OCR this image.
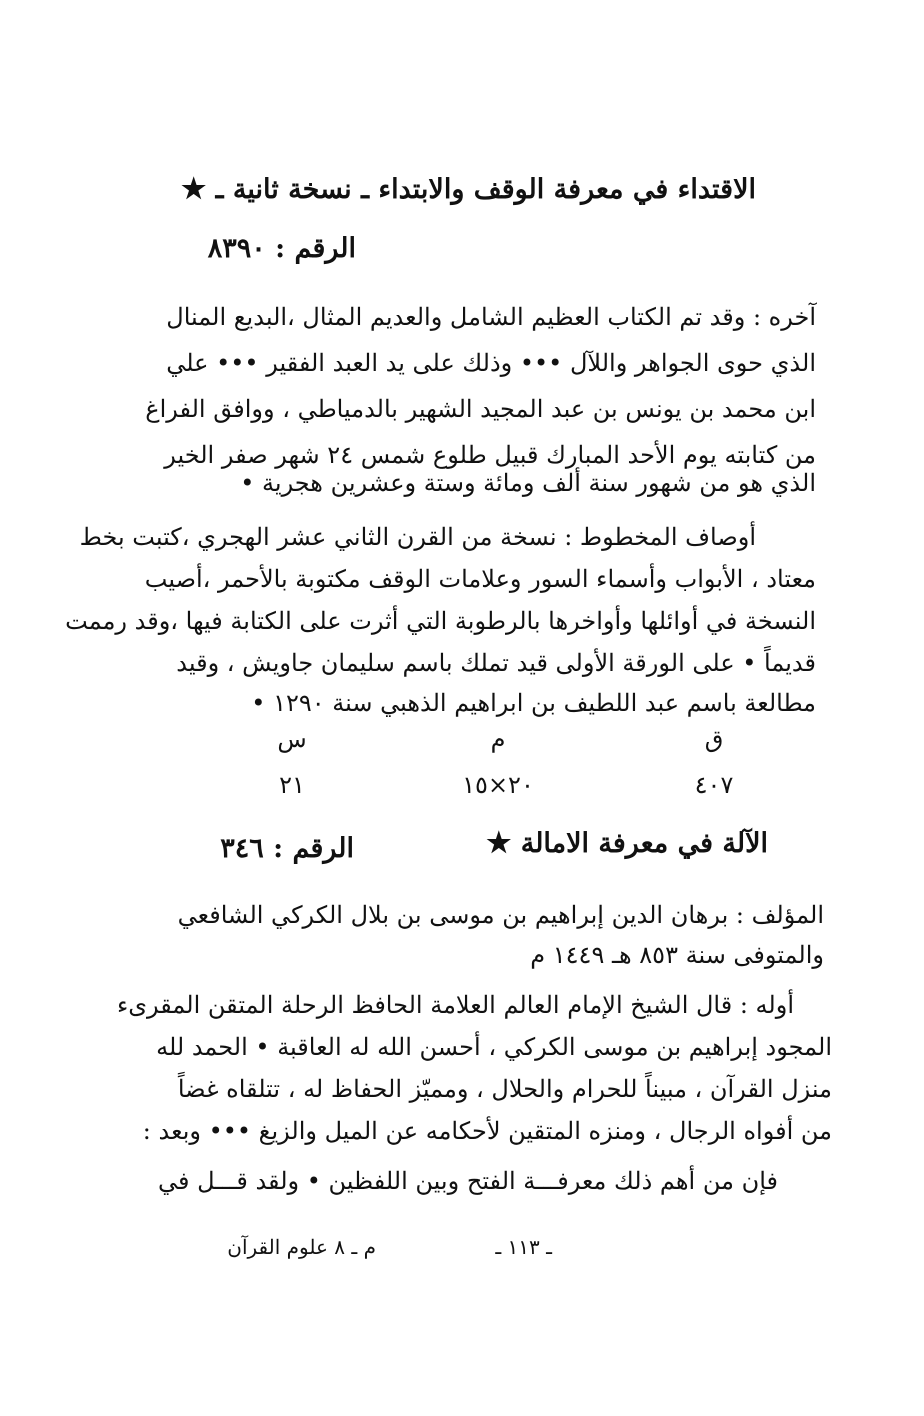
الاقتداء في معرفة الوقف والابتداء ـ نسخة ثانية ـ ★
الرقم : ٨٣٩٠
آخره : وقد تم الكتاب العظيم الشامل والعديم المثال ،البديع المنال
الذي حوى الجواهر واللآل ••• وذلك على يد العبد الفقير ••• علي
ابن محمد بن يونس بن عبد المجيد الشهير بالدمياطي ، ووافق الفراغ
من كتابته يوم الأحد المبارك قبيل طلوع شمس ٢٤ شهر صفر الخير
الذي هو من شهور سنة ألف ومائة وستة وعشرين هجرية •
أوصاف المخطوط : نسخة من القرن الثاني عشر الهجري ،كتبت بخط
معتاد ، الأبواب وأسماء السور وعلامات الوقف مكتوبة بالأحمر ،أصيب
النسخة في أوائلها وأواخرها بالرطوبة التي أثرت على الكتابة فيها ،وقد رممت
قديماً • على الورقة الأولى قيد تملك باسم سليمان جاويش ، وقيد
مطالعة باسم عبد اللطيف بن ابراهيم الذهبي سنة ١٢٩٠ •
ق
م
س
٤٠٧
٢٠×١٥
٢١
الآلة في معرفة الامالة ★
الرقم : ٣٤٦
المؤلف : برهان الدين إبراهيم بن موسى بن بلال الكركي الشافعي
والمتوفى سنة ٨٥٣ هـ ١٤٤٩ م
أوله : قال الشيخ الإمام العالم العلامة الحافظ الرحلة المتقن المقرىء
المجود إبراهيم بن موسى الكركي ، أحسن الله له العاقبة • الحمد لله
منزل القرآن ، مبيناً للحرام والحلال ، ومميّز الحفاظ له ، تتلقاه غضاً
من أفواه الرجال ، ومنزه المتقين لأحكامه عن الميل والزيغ ••• وبعد :
فإن من أهم ذلك معرفـــة الفتح وبين اللفظين • ولقد قـــل في
ـ ١١٣ ـ
م ـ ٨ علوم القرآن
